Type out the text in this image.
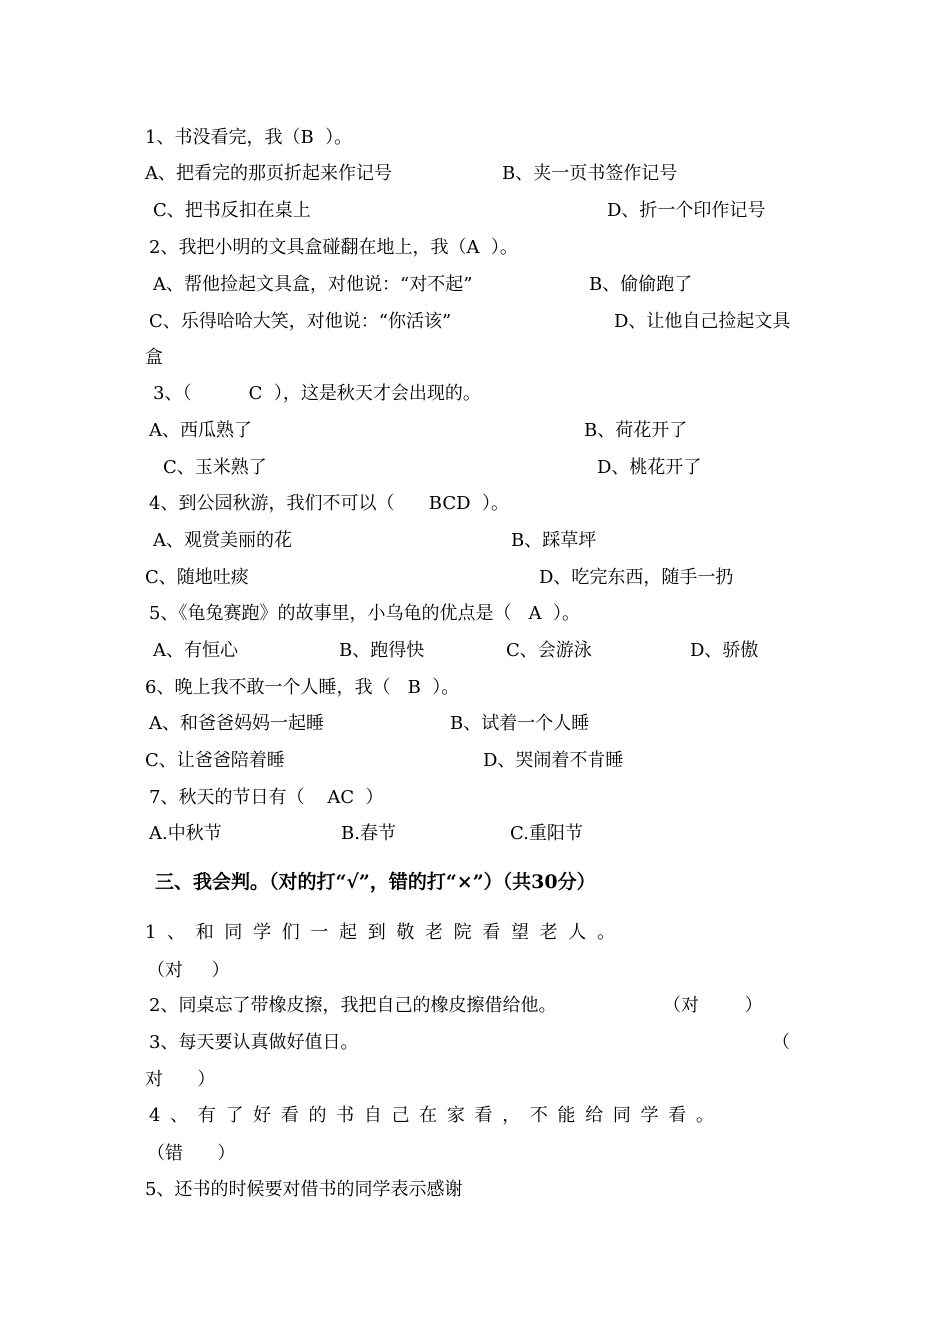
1、书没看完，我（B  ）。
A、把看完的那页折起来作记号	B、夹一页书签作记号
C、把书反扣在桌上	D、折一个印作记号
2、我把小明的文具盒碰翻在地上，我（A  ）。
A、帮他捡起文具盒，对他说：“对不起”	B、偷偷跑了
C、乐得哈哈大笑，对他说：“你活该”	D、让他自己捡起文具
盒
3、（          C  ），这是秋天才会出现的。
A、西瓜熟了	B、荷花开了
C、玉米熟了	D、桃花开了
4、到公园秋游，我们不可以（      BCD  ）。
A、观赏美丽的花	B、踩草坪
C、随地吐痰	D、吃完东西，随手一扔
5、《龟兔赛跑》的故事里，小乌龟的优点是（   A  ）。
A、有恒心	B、跑得快	C、会游泳	D、骄傲
6、晚上我不敢一个人睡，我（   B  ）。
A、和爸爸妈妈一起睡	B、试着一个人睡
C、让爸爸陪着睡	D、哭闹着不肯睡
7、秋天的节日有（    AC  ）
A.中秋节	B.春节	C.重阳节
三、我会判。（对的打“√”，错的打“×”）（共30分）
1 、 和 同 学 们 一 起 到 敬 老 院 看 望 老 人 。
（对     ）
2、同桌忘了带橡皮擦，我把自己的橡皮擦借给他。	（对        ）
3、每天要认真做好值日。	（
对      ）
4 、 有 了 好 看 的 书 自 己 在 家 看 ， 不 能 给 同 学 看 。
（错      ）
5、还书的时候要对借书的同学表示感谢
